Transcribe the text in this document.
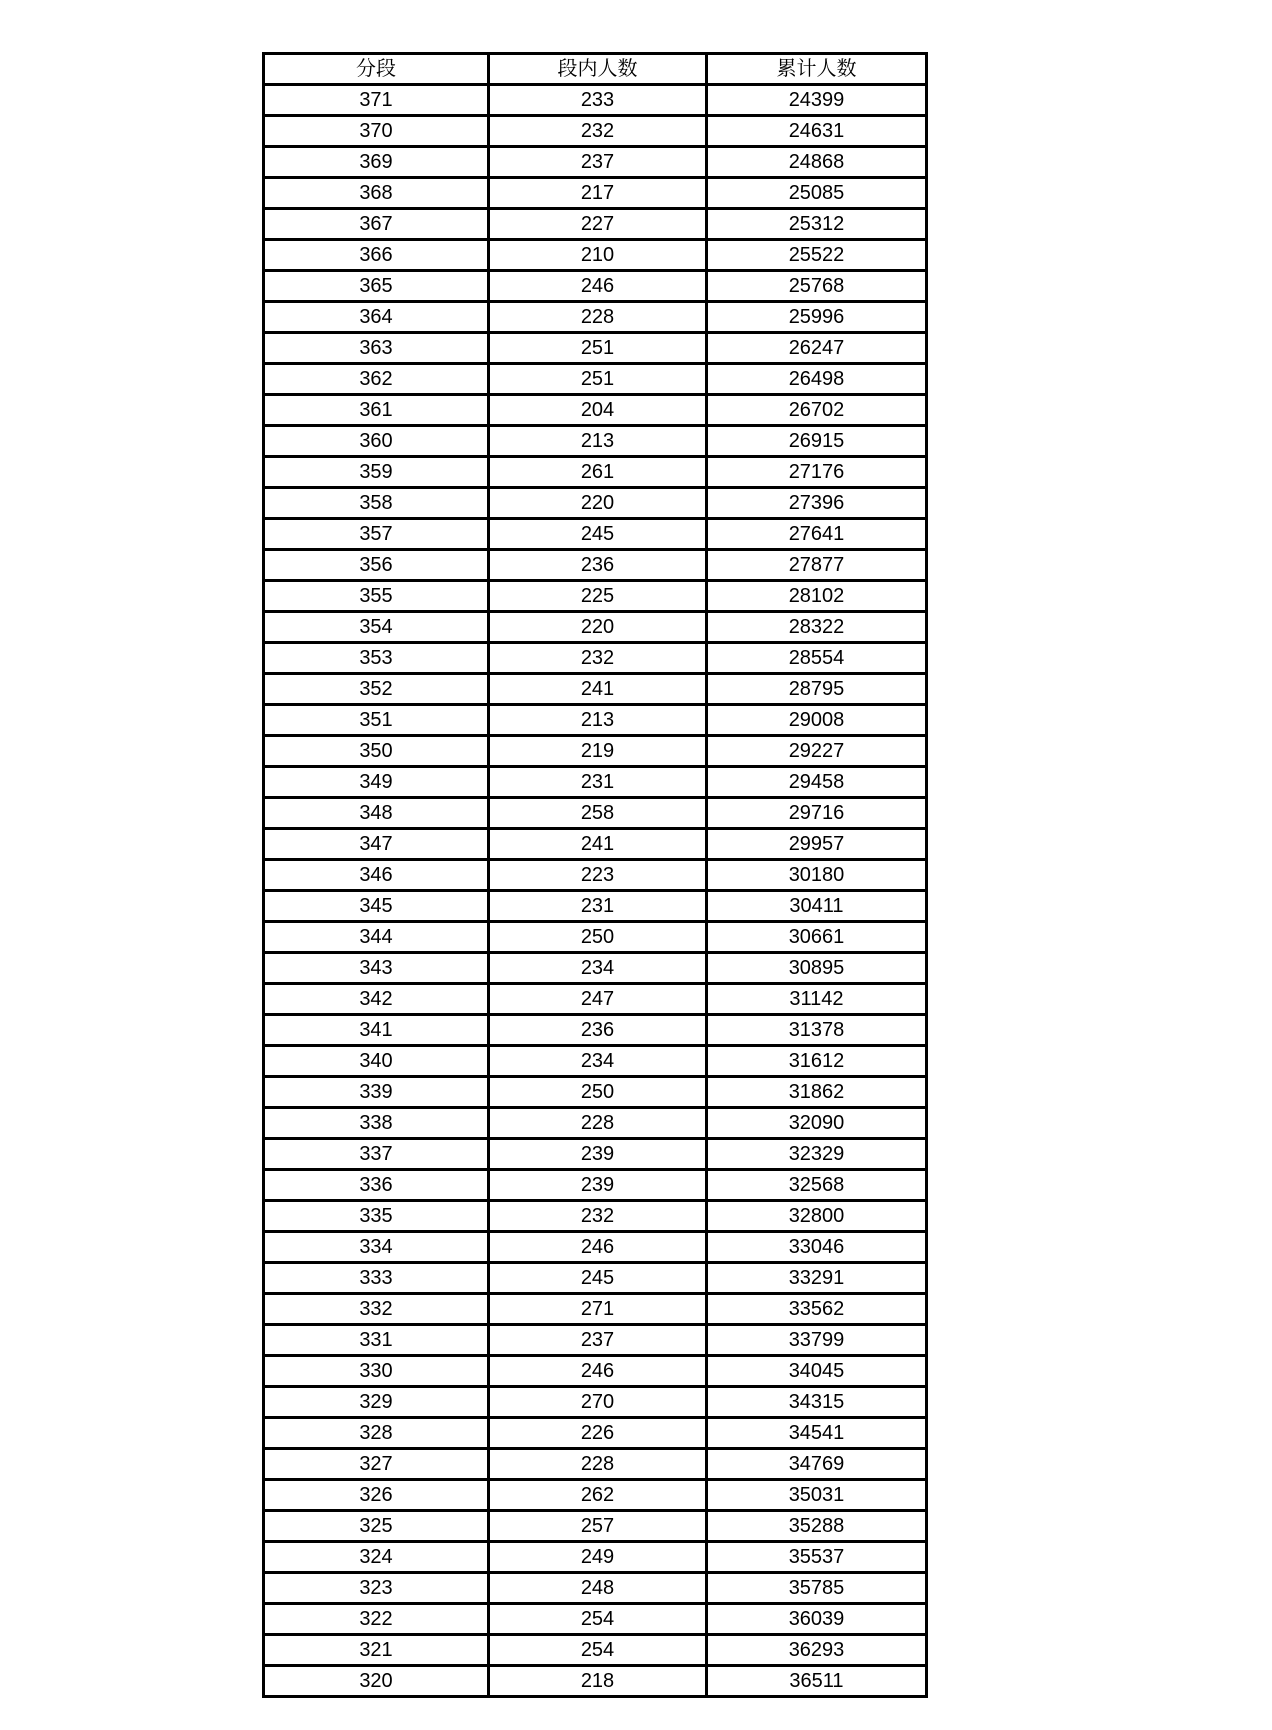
分段	段内人数	累计人数
371	233	24399
370	232	24631
369	237	24868
368	217	25085
367	227	25312
366	210	25522
365	246	25768
364	228	25996
363	251	26247
362	251	26498
361	204	26702
360	213	26915
359	261	27176
358	220	27396
357	245	27641
356	236	27877
355	225	28102
354	220	28322
353	232	28554
352	241	28795
351	213	29008
350	219	29227
349	231	29458
348	258	29716
347	241	29957
346	223	30180
345	231	30411
344	250	30661
343	234	30895
342	247	31142
341	236	31378
340	234	31612
339	250	31862
338	228	32090
337	239	32329
336	239	32568
335	232	32800
334	246	33046
333	245	33291
332	271	33562
331	237	33799
330	246	34045
329	270	34315
328	226	34541
327	228	34769
326	262	35031
325	257	35288
324	249	35537
323	248	35785
322	254	36039
321	254	36293
320	218	36511
